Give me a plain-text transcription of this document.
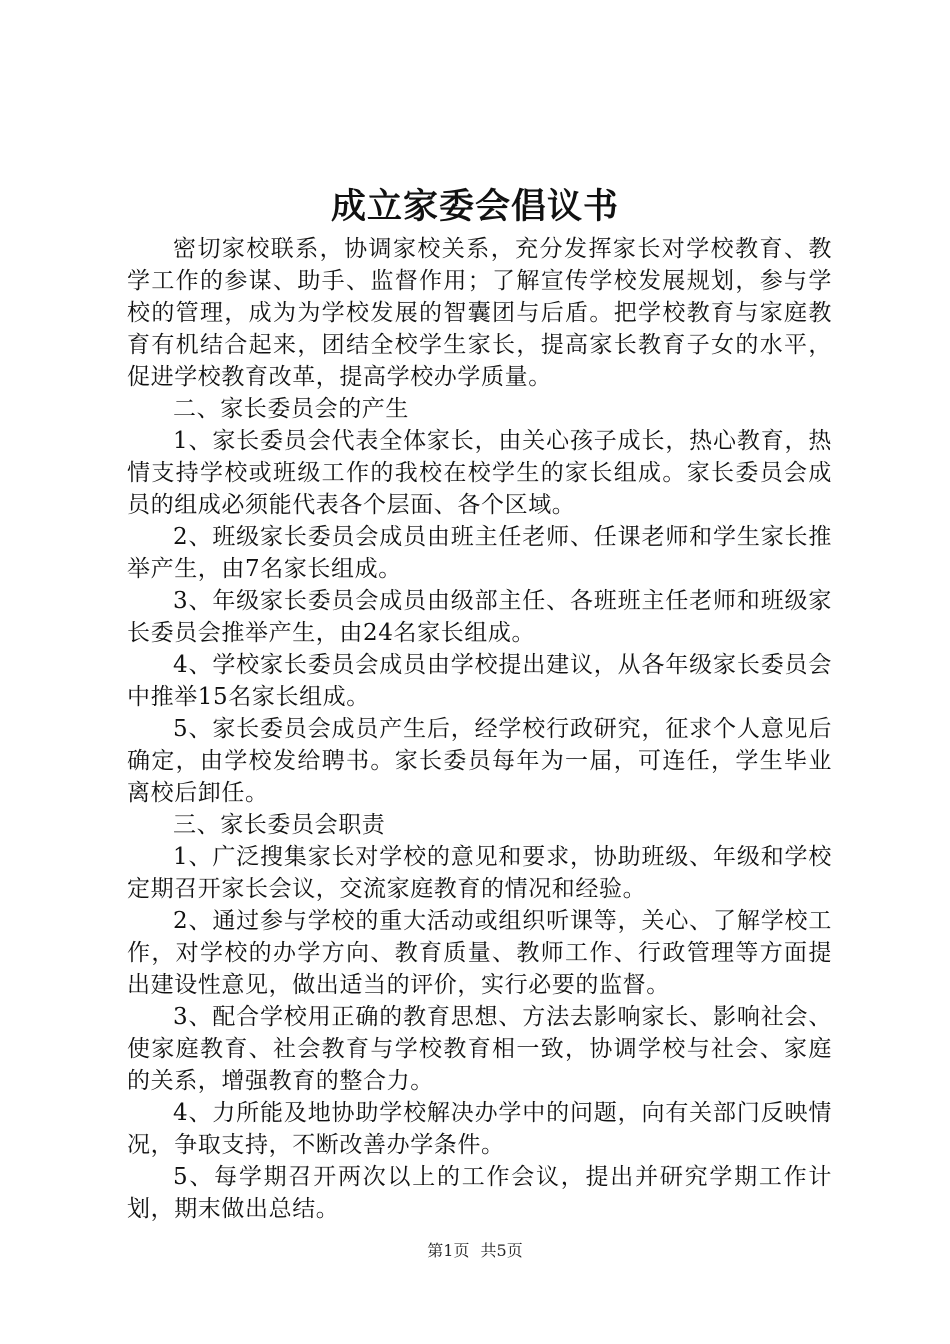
成立家委会倡议书

密切家校联系，协调家校关系，充分发挥家长对学校教育、教学工作的参谋、助手、监督作用；了解宣传学校发展规划，参与学校的管理，成为为学校发展的智囊团与后盾。把学校教育与家庭教育有机结合起来，团结全校学生家长，提高家长教育子女的水平，促进学校教育改革，提高学校办学质量。

二、家长委员会的产生

1、家长委员会代表全体家长，由关心孩子成长，热心教育，热情支持学校或班级工作的我校在校学生的家长组成。家长委员会成员的组成必须能代表各个层面、各个区域。

2、班级家长委员会成员由班主任老师、任课老师和学生家长推举产生，由7名家长组成。

3、年级家长委员会成员由级部主任、各班班主任老师和班级家长委员会推举产生，由24名家长组成。

4、学校家长委员会成员由学校提出建议，从各年级家长委员会中推举15名家长组成。

5、家长委员会成员产生后，经学校行政研究，征求个人意见后确定，由学校发给聘书。家长委员每年为一届，可连任，学生毕业离校后卸任。

三、家长委员会职责

1、广泛搜集家长对学校的意见和要求，协助班级、年级和学校定期召开家长会议，交流家庭教育的情况和经验。

2、通过参与学校的重大活动或组织听课等，关心、了解学校工作，对学校的办学方向、教育质量、教师工作、行政管理等方面提出建设性意见，做出适当的评价，实行必要的监督。

3、配合学校用正确的教育思想、方法去影响家长、影响社会、使家庭教育、社会教育与学校教育相一致，协调学校与社会、家庭的关系，增强教育的整合力。

4、力所能及地协助学校解决办学中的问题，向有关部门反映情况，争取支持，不断改善办学条件。

5、每学期召开两次以上的工作会议，提出并研究学期工作计划，期末做出总结。

第1页 共5页
